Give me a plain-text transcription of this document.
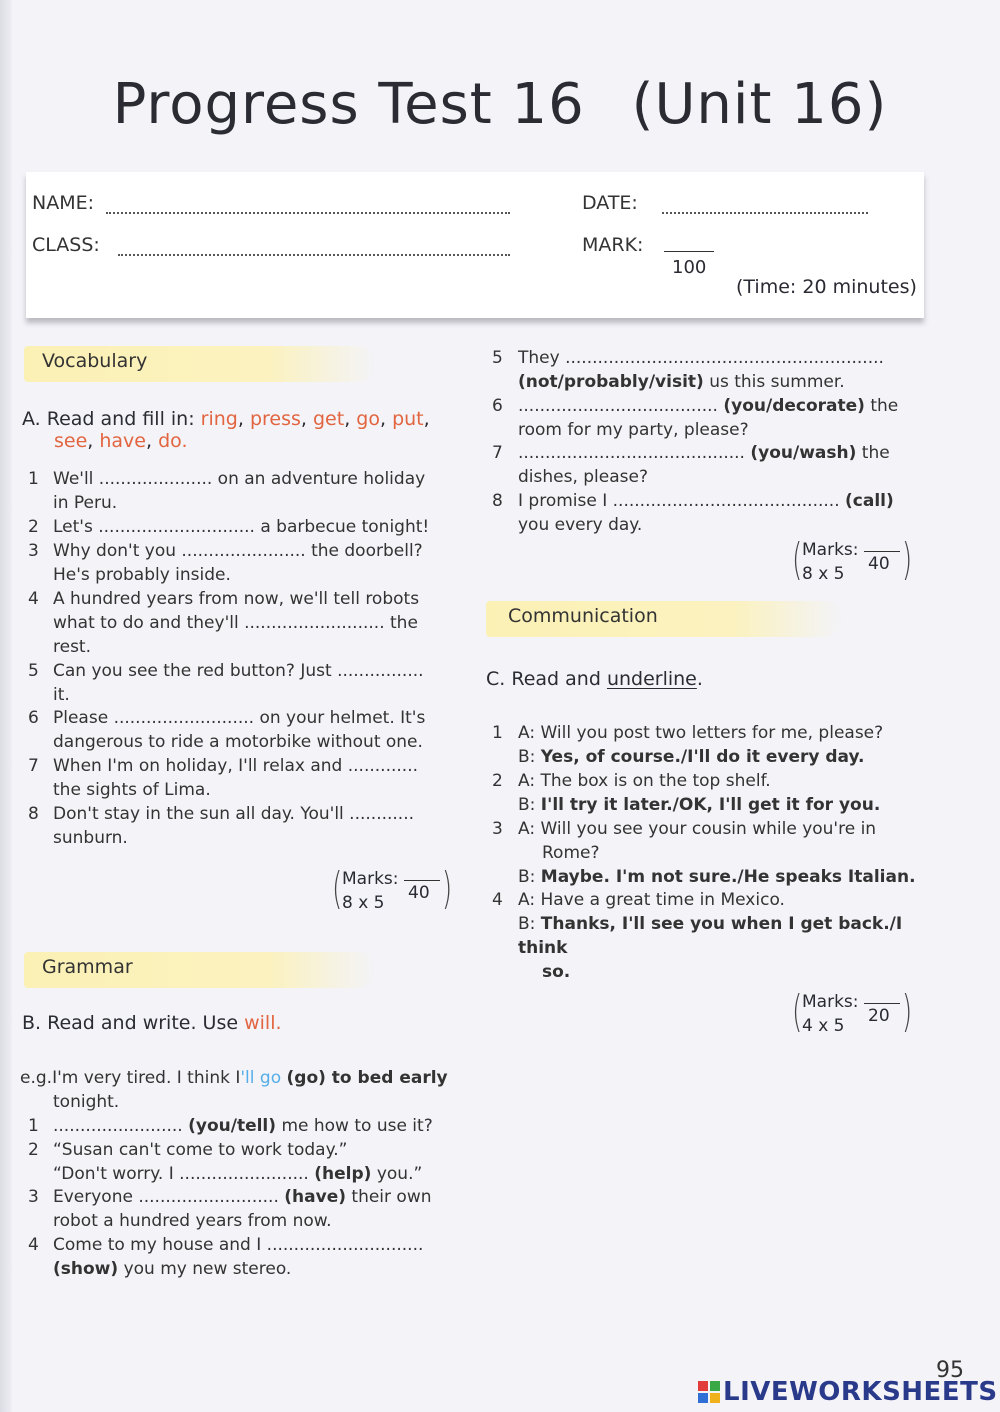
Progress Test 16 (Unit 16)
NAME:	DATE:
CLASS:	MARK:
100
(Time: 20 minutes)
Vocabulary
A. Read and fill in: ring, press, get, go, put,
see, have, do.
1 We'll ..................... on an adventure holiday
in Peru.
2 Let's ............................. a barbecue tonight!
3 Why don't you ....................... the doorbell?
He's probably inside.
4 A hundred years from now, we'll tell robots
what to do and they'll .......................... the
rest.
5 Can you see the red button? Just ................
it.
6 Please .......................... on your helmet. It's
dangerous to ride a motorbike without one.
7 When I'm on holiday, I'll relax and .............
the sights of Lima.
8 Don't stay in the sun all day. You'll ............
sunburn.
( Marks:
8 x 5 40 )
Grammar
B. Read and write. Use will.
e.g.I'm very tired. I think I'll go (go) to bed early
tonight.
1 ........................ (you/tell) me how to use it?
2 “Susan can't come to work today.”
“Don't worry. I ........................ (help) you.”
3 Everyone .......................... (have) their own
robot a hundred years from now.
4 Come to my house and I .............................
(show) you my new stereo.
5 They ...........................................................
(not/probably/visit) us this summer.
6 ..................................... (you/decorate) the
room for my party, please?
7 .......................................... (you/wash) the
dishes, please?
8 I promise I .......................................... (call)
you every day.
( Marks:
8 x 5 40 )
Communication
C. Read and underline.
1 A: Will you post two letters for me, please?
B: Yes, of course./I'll do it every day.
2 A: The box is on the top shelf.
B: I'll try it later./OK, I'll get it for you.
3 A: Will you see your cousin while you're in
Rome?
B: Maybe. I'm not sure./He speaks Italian.
4 A: Have a great time in Mexico.
B: Thanks, I'll see you when I get back./I think
so.
( Marks:
4 x 5 20 )
95
LIVEWORKSHEETS
